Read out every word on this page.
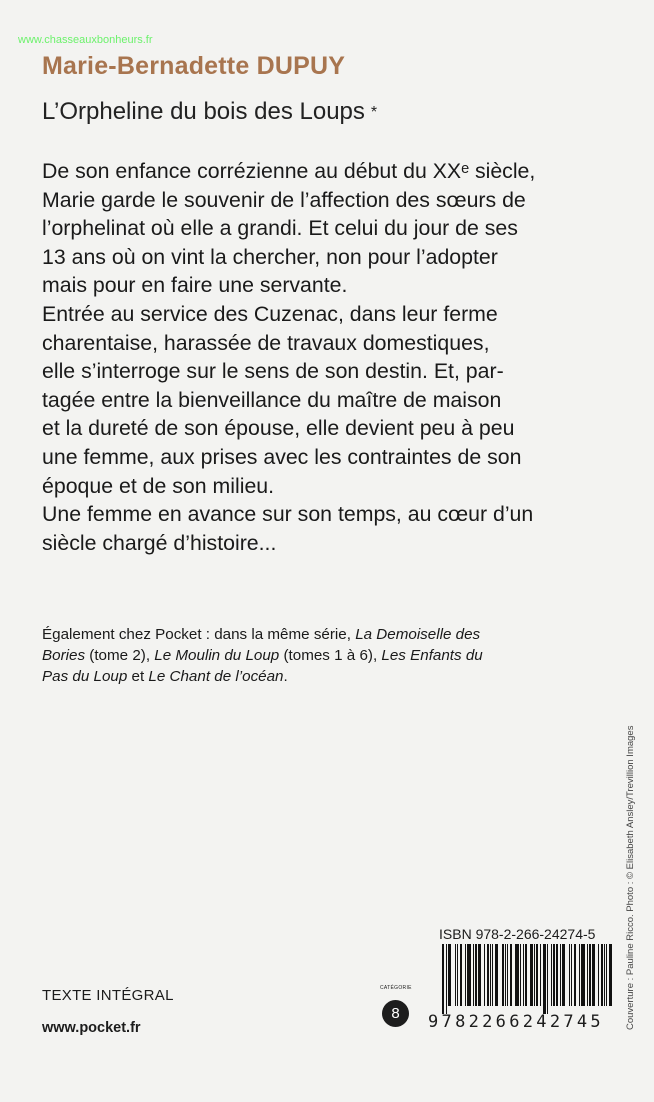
www.chasseauxbonheurs.fr
Marie-Bernadette DUPUY
L’Orpheline du bois des Loups *
De son enfance corrézienne au début du XXᵉ siècle,
Marie garde le souvenir de l’affection des sœurs de
l’orphelinat où elle a grandi. Et celui du jour de ses
13 ans où on vint la chercher, non pour l’adopter
mais pour en faire une servante.
Entrée au service des Cuzenac, dans leur ferme
charentaise, harassée de travaux domestiques,
elle s’interroge sur le sens de son destin. Et, par-
tagée entre la bienveillance du maître de maison
et la dureté de son épouse, elle devient peu à peu
une femme, aux prises avec les contraintes de son
époque et de son milieu.
Une femme en avance sur son temps, au cœur d’un
siècle chargé d’histoire...
Également chez Pocket : dans la même série, La Demoiselle des
Bories (tome 2), Le Moulin du Loup (tomes 1 à 6), Les Enfants du
Pas du Loup et Le Chant de l’océan.
TEXTE INTÉGRAL
www.pocket.fr
CATÉGORIE
8
ISBN 978-2-266-24274-5
9782266242745 Couverture : Pauline Ricco. Photo : © Elisabeth Ansley/Trevillion Images
